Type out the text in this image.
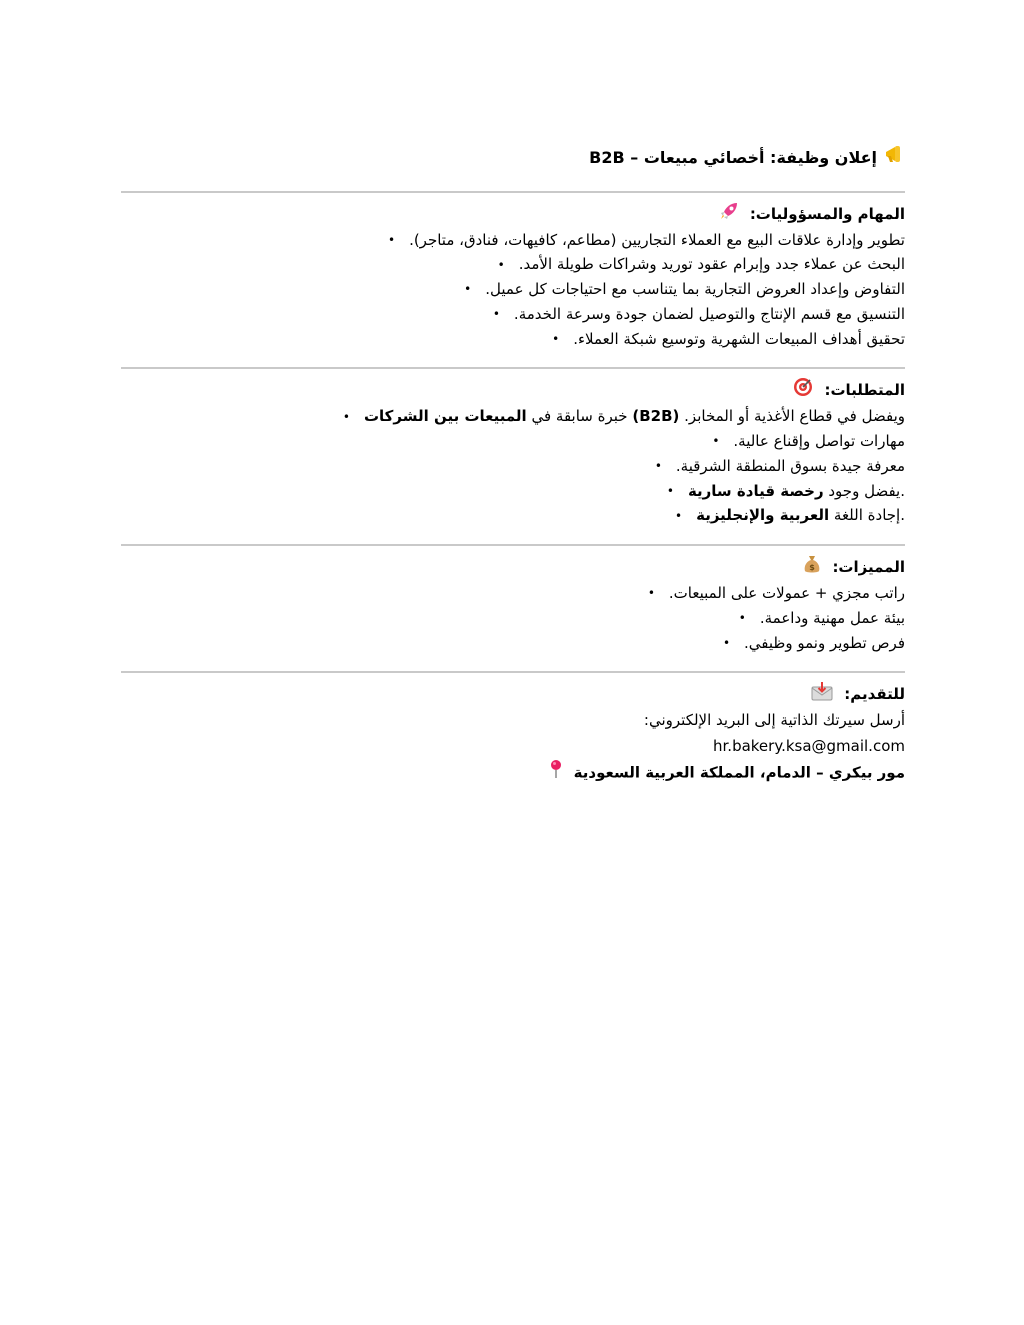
إعلان وظيفة: أخصائي مبيعات – B2B

المهام والمسؤوليات:

تطوير وإدارة علاقات البيع مع العملاء التجاريين (مطاعم، كافيهات، فنادق، متاجر).•
البحث عن عملاء جدد وإبرام عقود توريد وشراكات طويلة الأمد.•
التفاوض وإعداد العروض التجارية بما يتناسب مع احتياجات كل عميل.•
التنسيق مع قسم الإنتاج والتوصيل لضمان جودة وسرعة الخدمة.•
تحقيق أهداف المبيعات الشهرية وتوسيع شبكة العملاء.•

المتطلبات:

ويفضل في قطاع الأغذية أو المخابز. (B2B) خبرة سابقة في المبيعات بين الشركات•
مهارات تواصل وإقناع عالية.•
معرفة جيدة بسوق المنطقة الشرقية.•
.يفضل وجود رخصة قيادة سارية•
.إجادة اللغة العربية والإنجليزية•

المميزات:
$

راتب مجزي + عمولات على المبيعات.•
بيئة عمل مهنية وداعمة.•
فرص تطوير ونمو وظيفي.•

للتقديم:

أرسل سيرتك الذاتية إلى البريد الإلكتروني:

hr.bakery.ksa@gmail.com

مور بيكري – الدمام، المملكة العربية السعودية
